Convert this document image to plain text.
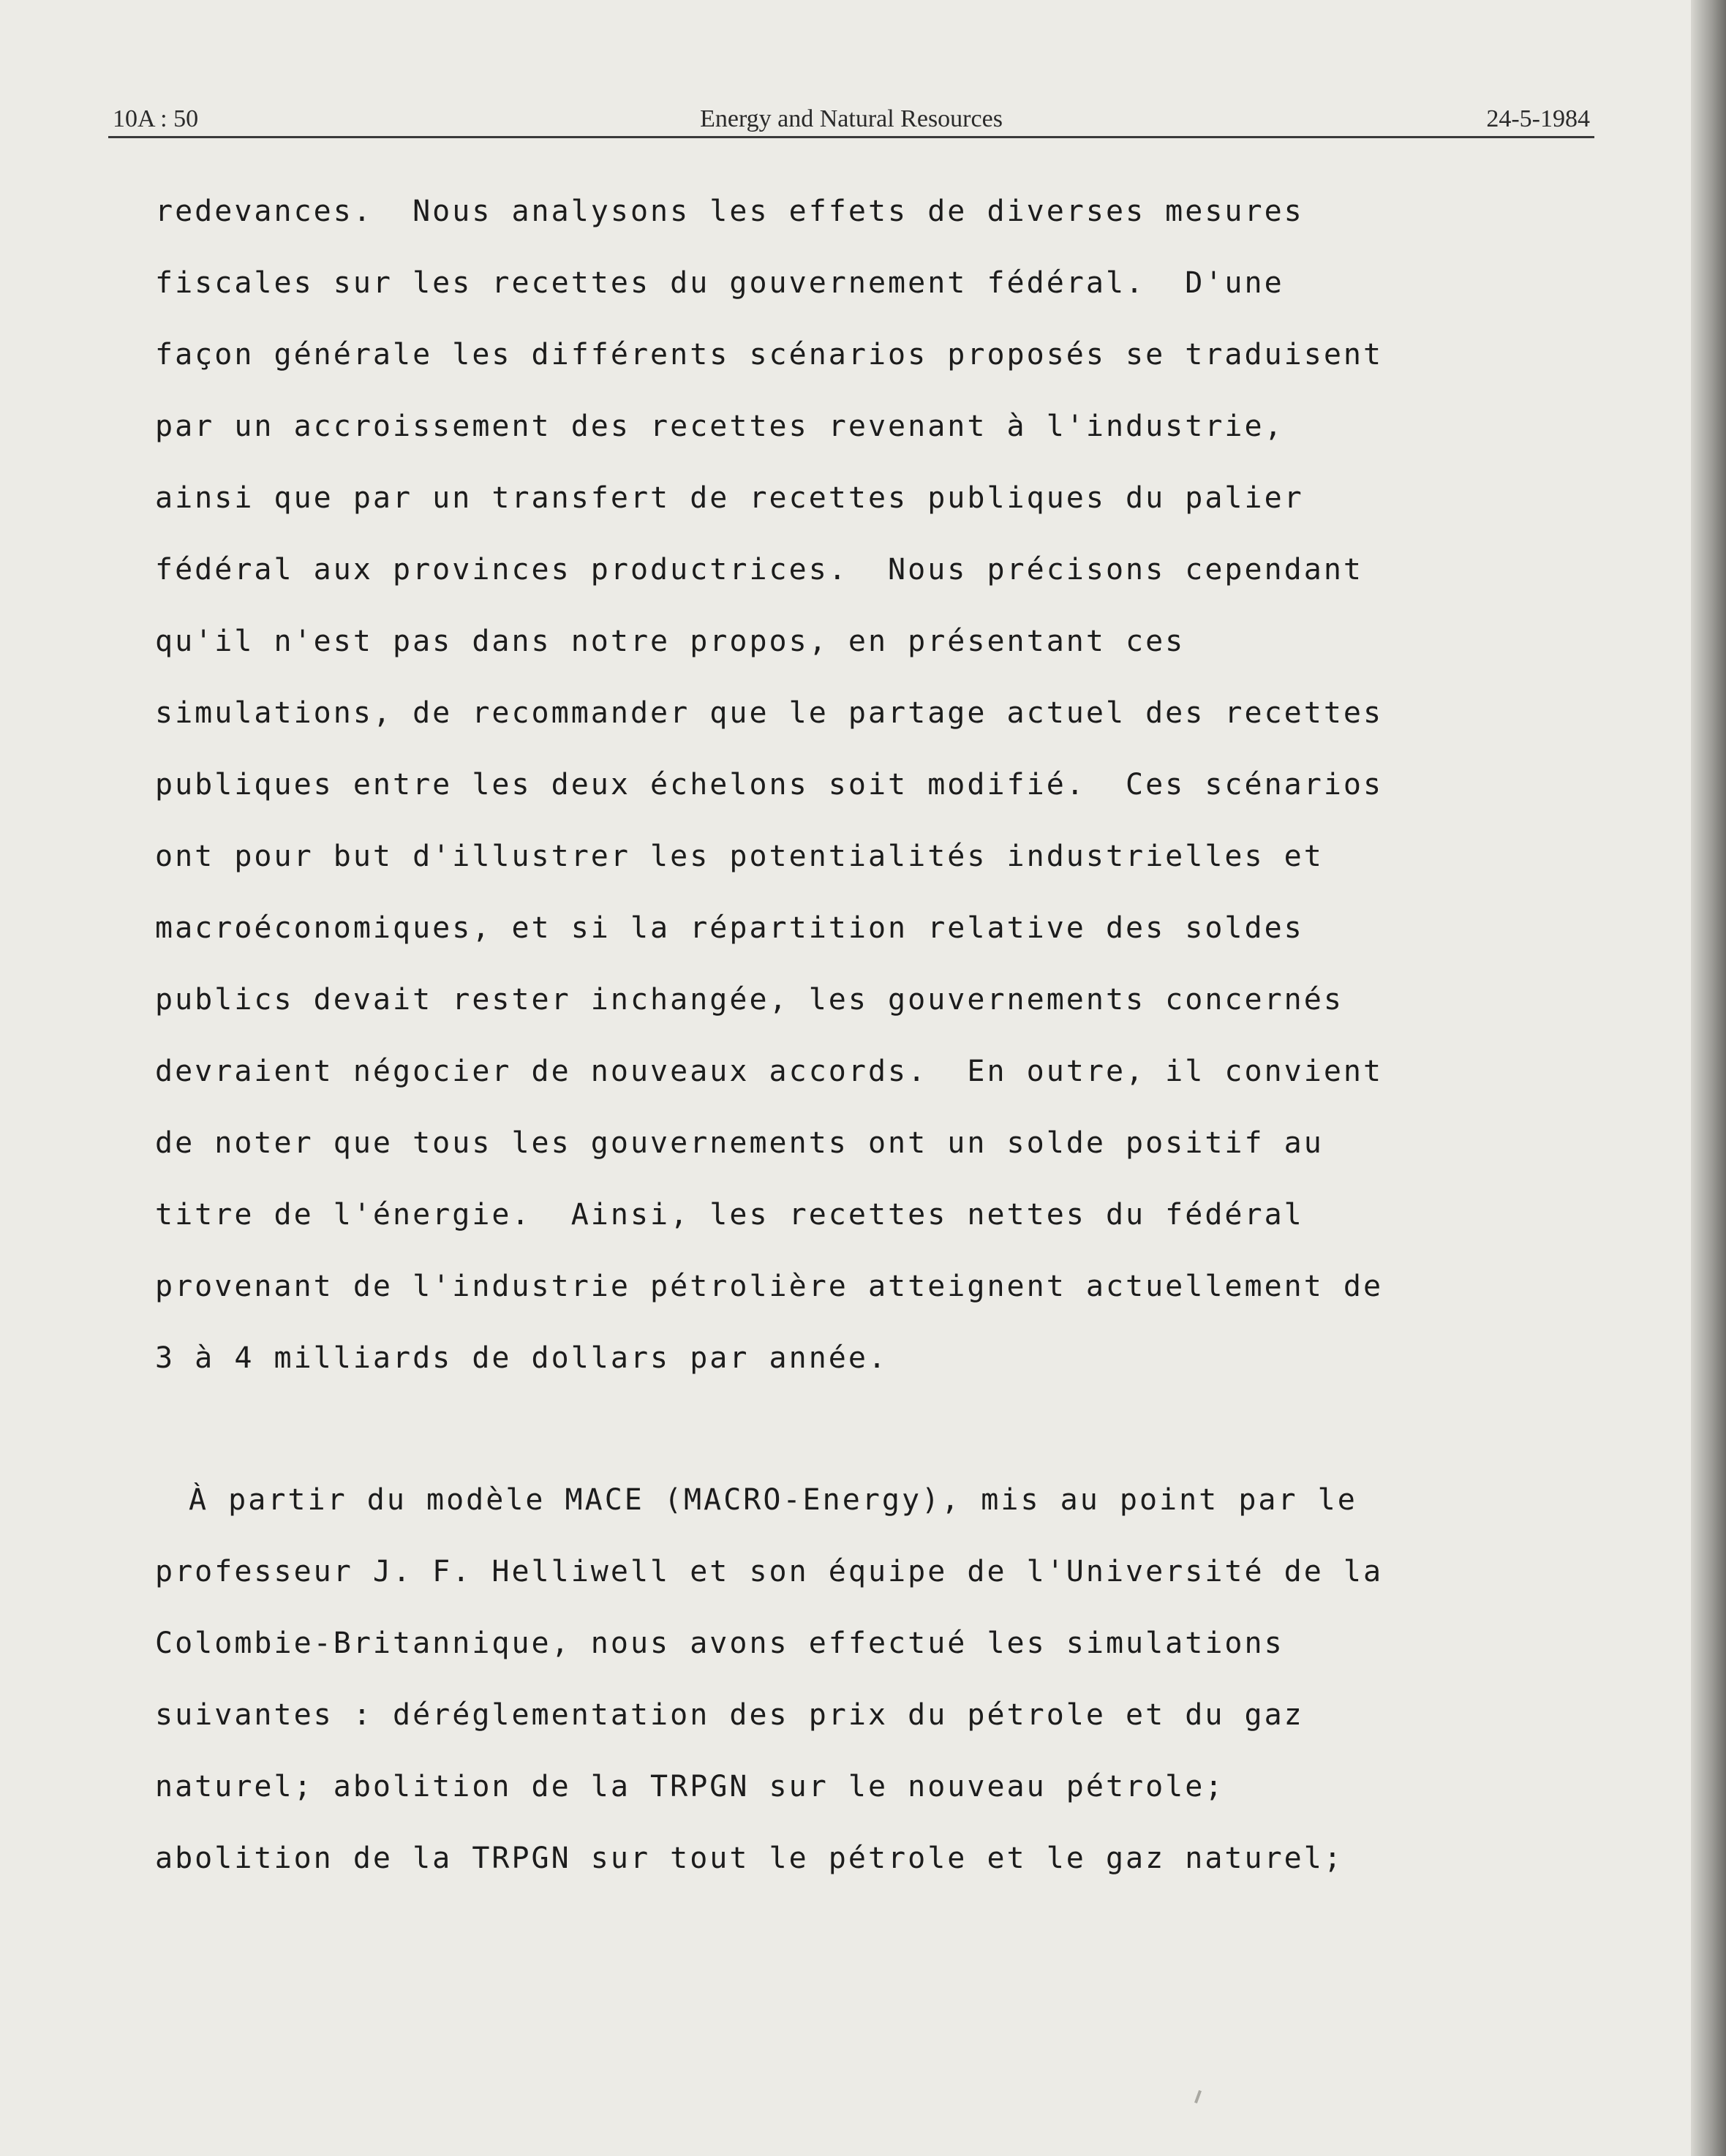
10A : 50	Energy and Natural Resources	24-5-1984
redevances.  Nous analysons les effets de diverses mesures
fiscales sur les recettes du gouvernement fédéral.  D'une
façon générale les différents scénarios proposés se traduisent
par un accroissement des recettes revenant à l'industrie,
ainsi que par un transfert de recettes publiques du palier
fédéral aux provinces productrices.  Nous précisons cependant
qu'il n'est pas dans notre propos, en présentant ces
simulations, de recommander que le partage actuel des recettes
publiques entre les deux échelons soit modifié.  Ces scénarios
ont pour but d'illustrer les potentialités industrielles et
macroéconomiques, et si la répartition relative des soldes
publics devait rester inchangée, les gouvernements concernés
devraient négocier de nouveaux accords.  En outre, il convient
de noter que tous les gouvernements ont un solde positif au
titre de l'énergie.  Ainsi, les recettes nettes du fédéral
provenant de l'industrie pétrolière atteignent actuellement de
3 à 4 milliards de dollars par année.
À partir du modèle MACE (MACRO-Energy), mis au point par le
professeur J. F. Helliwell et son équipe de l'Université de la
Colombie-Britannique, nous avons effectué les simulations
suivantes : déréglementation des prix du pétrole et du gaz
naturel; abolition de la TRPGN sur le nouveau pétrole;
abolition de la TRPGN sur tout le pétrole et le gaz naturel;
